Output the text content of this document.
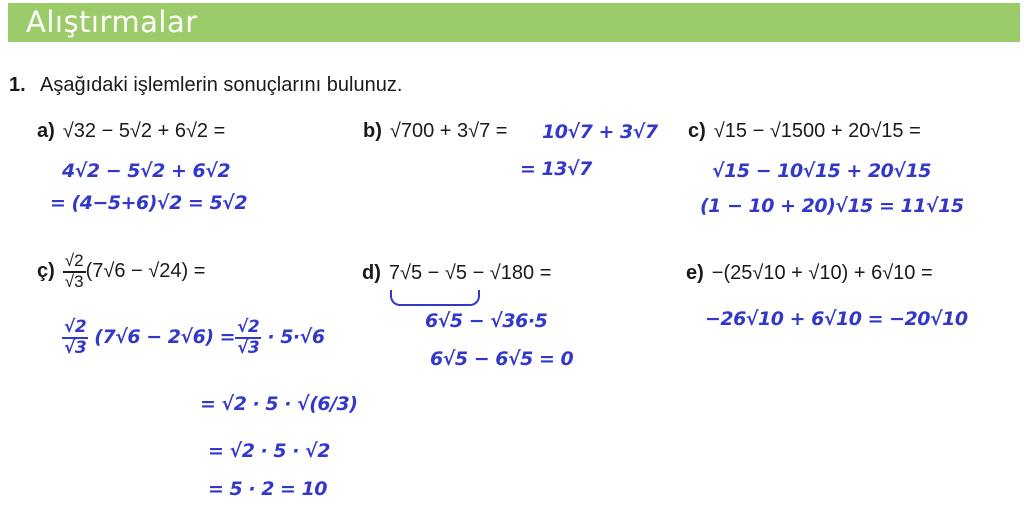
Alıştırmalar
1. Aşağıdaki işlemlerin sonuçlarını bulunuz.
a) √32 − 5√2 + 6√2 =
4√2 − 5√2 + 6√2
= (4−5+6)√2 = 5√2
b) √700 + 3√7 = 10√7 + 3√7
= 13√7
c) √15 − √1500 + 20√15 =
√15 − 10√15 + 20√15
(1 − 10 + 20)√15 = 11√15
ç) $\frac{√2}{√3} (7√6 - √24)$ =
$\frac{√2}{√3} (7√6 - 2√6) = \frac{√2}{√3} \cdot 5\cdot√6$
= √2 · 5 · √(6/3)
= √2 · 5 · √2
= 5 · 2 = 10
d) 7√5 − √5 − √180 =
6√5 − √36·5
6√5 − 6√5 = 0
e) −(25√10 + √10) + 6√10 =
−26√10 + 6√10 = −20√10
